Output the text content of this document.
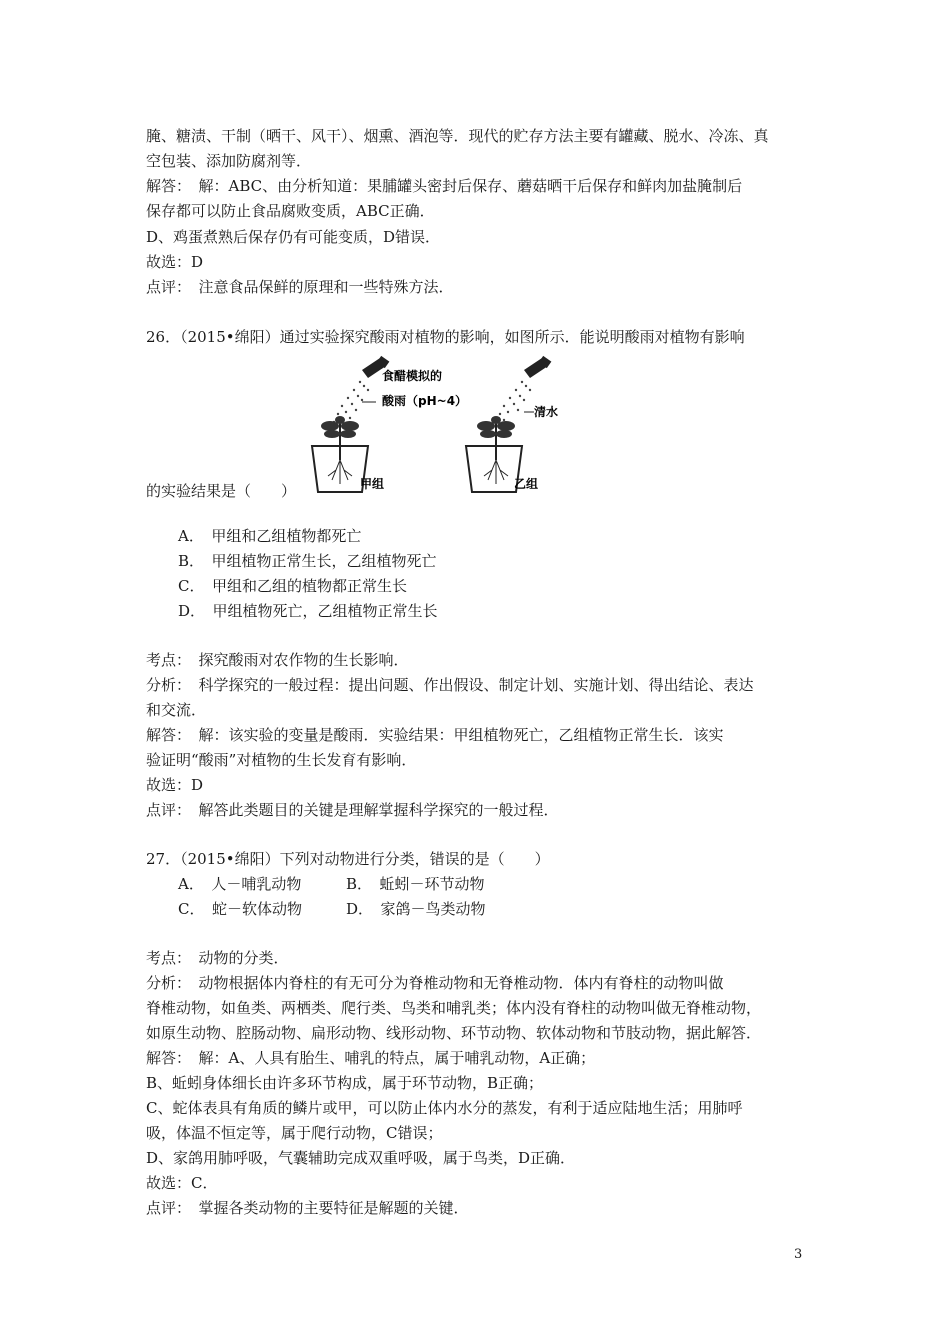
腌、糖渍、干制（晒干、风干）、烟熏、酒泡等．现代的贮存方法主要有罐藏、脱水、冷冻、真
空包装、添加防腐剂等．
解答：　解：ABC、由分析知道：果脯罐头密封后保存、蘑菇晒干后保存和鲜肉加盐腌制后
保存都可以防止食品腐败变质，ABC正确．
D、鸡蛋煮熟后保存仍有可能变质，D错误．
故选：D
点评：　注意食品保鲜的原理和一些特殊方法．
26．（2015•绵阳）通过实验探究酸雨对植物的影响，如图所示．能说明酸雨对植物有影响
的实验结果是（　　）
食醋模拟的
酸雨（pH~4）
甲组
清水
乙组
A．　甲组和乙组植物都死亡
B．　甲组植物正常生长，乙组植物死亡
C．　甲组和乙组的植物都正常生长
D．　甲组植物死亡，乙组植物正常生长
考点：　探究酸雨对农作物的生长影响．
分析：　科学探究的一般过程：提出问题、作出假设、制定计划、实施计划、得出结论、表达
和交流．
解答：　解：该实验的变量是酸雨．实验结果：甲组植物死亡，乙组植物正常生长．该实
验证明“酸雨”对植物的生长发育有影响．
故选：D
点评：　解答此类题目的关键是理解掌握科学探究的一般过程．
27．（2015•绵阳）下列对动物进行分类，错误的是（　　）
A．　人－哺乳动物	B．　蚯蚓－环节动物
C．　蛇－软体动物	D．　家鸽－鸟类动物
考点：　动物的分类．
分析：　动物根据体内脊柱的有无可分为脊椎动物和无脊椎动物．体内有脊柱的动物叫做
脊椎动物，如鱼类、两栖类、爬行类、鸟类和哺乳类；体内没有脊柱的动物叫做无脊椎动物，
如原生动物、腔肠动物、扁形动物、线形动物、环节动物、软体动物和节肢动物，据此解答．
解答：　解：A、人具有胎生、哺乳的特点，属于哺乳动物，A正确；
B、蚯蚓身体细长由许多环节构成，属于环节动物，B正确；
C、蛇体表具有角质的鳞片或甲，可以防止体内水分的蒸发，有利于适应陆地生活；用肺呼
吸，体温不恒定等，属于爬行动物，C错误；
D、家鸽用肺呼吸，气囊辅助完成双重呼吸，属于鸟类，D正确．
故选：C．
点评：　掌握各类动物的主要特征是解题的关键．
3
